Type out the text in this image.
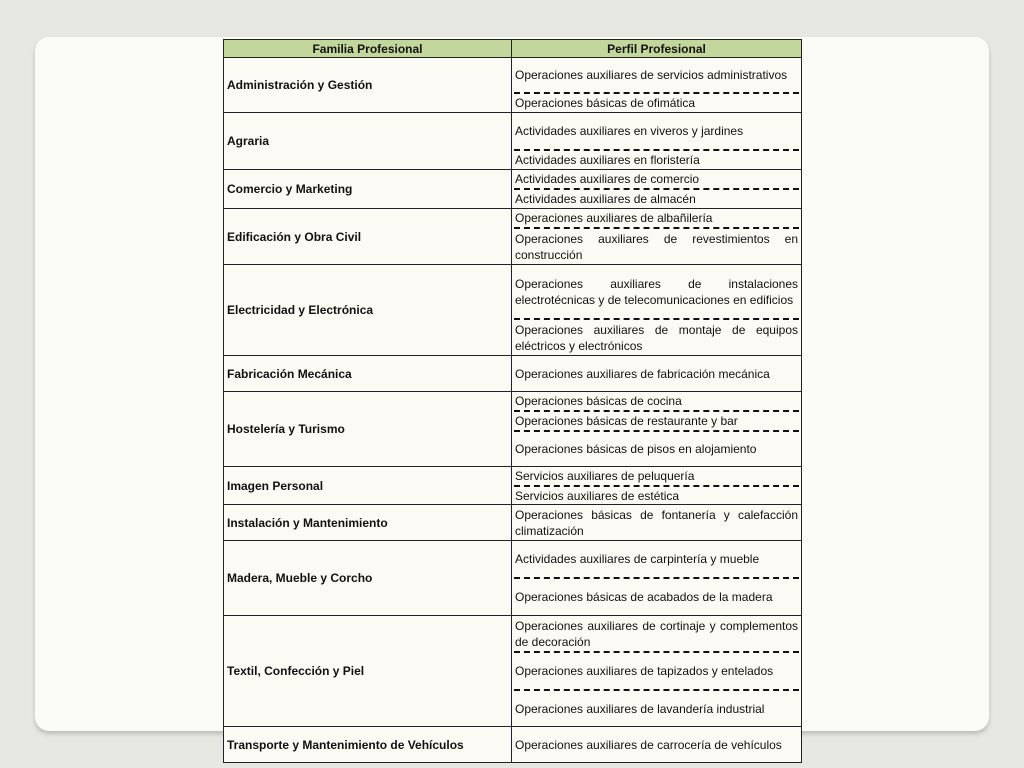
Familia Profesional	Perfil Profesional
Administración y Gestión	Operaciones auxiliares de servicios administrativos
Operaciones básicas de ofimática

Agraria	Actividades auxiliares en viveros y jardines
Actividades auxiliares en floristería

Comercio y Marketing	Actividades auxiliares de comercio
Actividades auxiliares de almacén

Edificación y Obra Civil	Operaciones auxiliares de albañilería
Operaciones auxiliares de revestimientos en construcción

Electricidad y Electrónica	Operaciones auxiliares de instalaciones electrotécnicas y de telecomunicaciones en edificios
Operaciones auxiliares de montaje de equipos eléctricos y electrónicos

Fabricación Mecánica	Operaciones auxiliares de fabricación mecánica

Hostelería y Turismo	Operaciones básicas de cocina
Operaciones básicas de restaurante y bar
Operaciones básicas de pisos en alojamiento

Imagen Personal	Servicios auxiliares de peluquería
Servicios auxiliares de estética

Instalación y Mantenimiento	Operaciones básicas de fontanería y calefacción climatización

Madera, Mueble y Corcho	Actividades auxiliares de carpintería y mueble
Operaciones básicas de acabados de la madera

Textil, Confección y Piel	Operaciones auxiliares de cortinaje y complementos de decoración
Operaciones auxiliares de tapizados y entelados
Operaciones auxiliares de lavandería industrial

Transporte y Mantenimiento de Vehículos	Operaciones auxiliares de carrocería de vehículos
